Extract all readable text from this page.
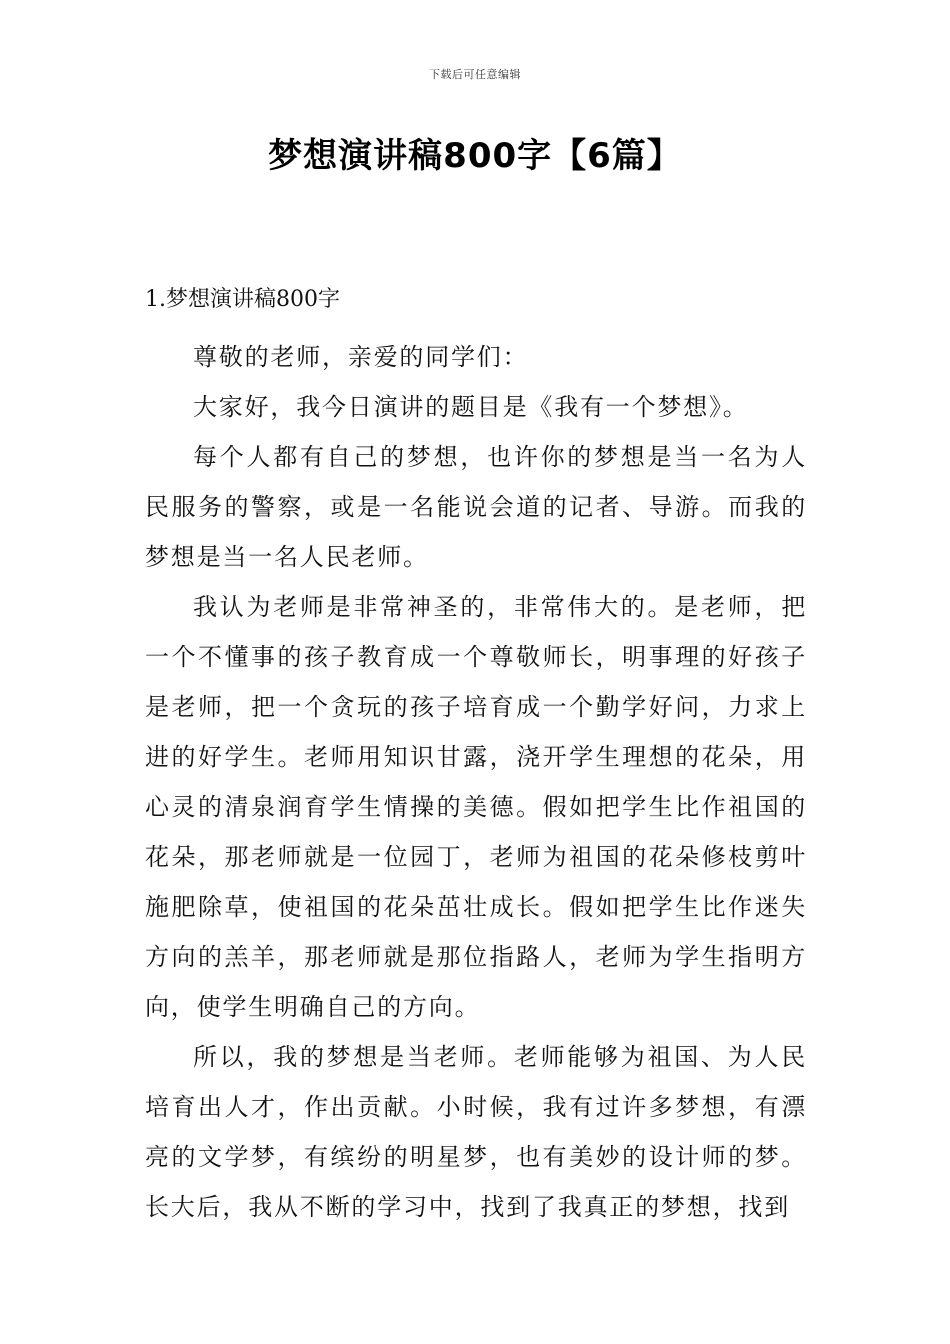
下载后可任意编辑
梦想演讲稿800字【6篇】
1.梦想演讲稿800字

尊敬的老师，亲爱的同学们：

大家好，我今日演讲的题目是《我有一个梦想》。

每个人都有自己的梦想，也许你的梦想是当一名为人民服务的警察，或是一名能说会道的记者、导游。而我的梦想是当一名人民老师。

我认为老师是非常神圣的，非常伟大的。是老师，把一个不懂事的孩子教育成一个尊敬师长，明事理的好孩子是老师，把一个贪玩的孩子培育成一个勤学好问，力求上进的好学生。老师用知识甘露，浇开学生理想的花朵，用心灵的清泉润育学生情操的美德。假如把学生比作祖国的花朵，那老师就是一位园丁，老师为祖国的花朵修枝剪叶施肥除草，使祖国的花朵茁壮成长。假如把学生比作迷失方向的羔羊，那老师就是那位指路人，老师为学生指明方向，使学生明确自己的方向。

所以，我的梦想是当老师。老师能够为祖国、为人民培育出人才，作出贡献。小时候，我有过许多梦想，有漂亮的文学梦，有缤纷的明星梦，也有美妙的设计师的梦。长大后，我从不断的学习中，找到了我真正的梦想，找到
